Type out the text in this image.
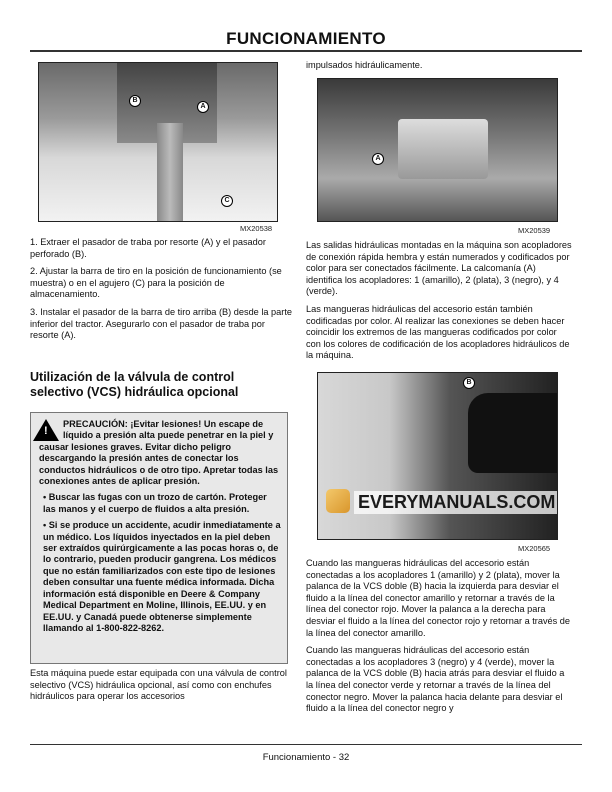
FUNCIONAMIENTO
B
A
C
MX20538

1. Extraer el pasador de traba por resorte (A) y el pasador perforado (B).

2. Ajustar la barra de tiro en la posición de funcionamiento (se muestra) o en el agujero (C) para la posición de almacenamiento.

3. Instalar el pasador de la barra de tiro arriba (B) desde la parte inferior del tractor. Asegurarlo con el pasador de traba por resorte (A).

Utilización de la válvula de control selectivo (VCS) hidráulica opcional
!

PRECAUCIÓN: ¡Evitar lesiones! Un escape de líquido a presión alta puede penetrar en la piel y causar lesiones graves. Evitar dicho peligro descargando la presión antes de conectar los conductos hidráulicos o de otro tipo. Apretar todas las conexiones antes de aplicar presión.

• Buscar las fugas con un trozo de cartón. Proteger las manos y el cuerpo de fluidos a alta presión.

• Si se produce un accidente, acudir inmediatamente a un médico. Los líquidos inyectados en la piel deben ser extraídos quirúrgicamente a las pocas horas o, de lo contrario, pueden producir gangrena. Los médicos que no están familiarizados con este tipo de lesiones deben consultar una fuente médica informada. Dicha información está disponible en Deere & Company Medical Department en Moline, Illinois, EE.UU. y en EE.UU. y Canadá puede obtenerse simplemente llamando al 1-800-822-8262.

Esta máquina puede estar equipada con una válvula de control selectivo (VCS) hidráulica opcional, así como con enchufes hidráulicos para operar los accesorios
impulsados hidráulicamente.
A
MX20539

Las salidas hidráulicas montadas en la máquina son acopladores de conexión rápida hembra y están numerados y codificados por color para ser conectados fácilmente. La calcomanía (A) identifica los acopladores: 1 (amarillo), 2 (plata), 3 (negro), y 4 (verde).

Las mangueras hidráulicas del accesorio están también codificadas por color. Al realizar las conexiones se deben hacer coincidir los extremos de las mangueras codificados por color con los colores de codificación de los acopladores hidráulicos de la máquina.

B
EVERYMANUALS.COM
MX20565

Cuando las mangueras hidráulicas del accesorio están conectadas a los acopladores 1 (amarillo) y 2 (plata), mover la palanca de la VCS doble (B) hacia la izquierda para desviar el fluido a la línea del conector amarillo y retornar a través de la línea del conector rojo. Mover la palanca a la derecha para desviar el fluido a la línea del conector rojo y retornar a través de la línea del conector amarillo.

Cuando las mangueras hidráulicas del accesorio están conectadas a los acopladores 3 (negro) y 4 (verde), mover la palanca de la VCS doble (B) hacia atrás para desviar el fluido a la línea del conector verde y retornar a través de la línea del conector negro. Mover la palanca hacia delante para desviar el fluido a la línea del conector negro y

Funcionamiento - 32
